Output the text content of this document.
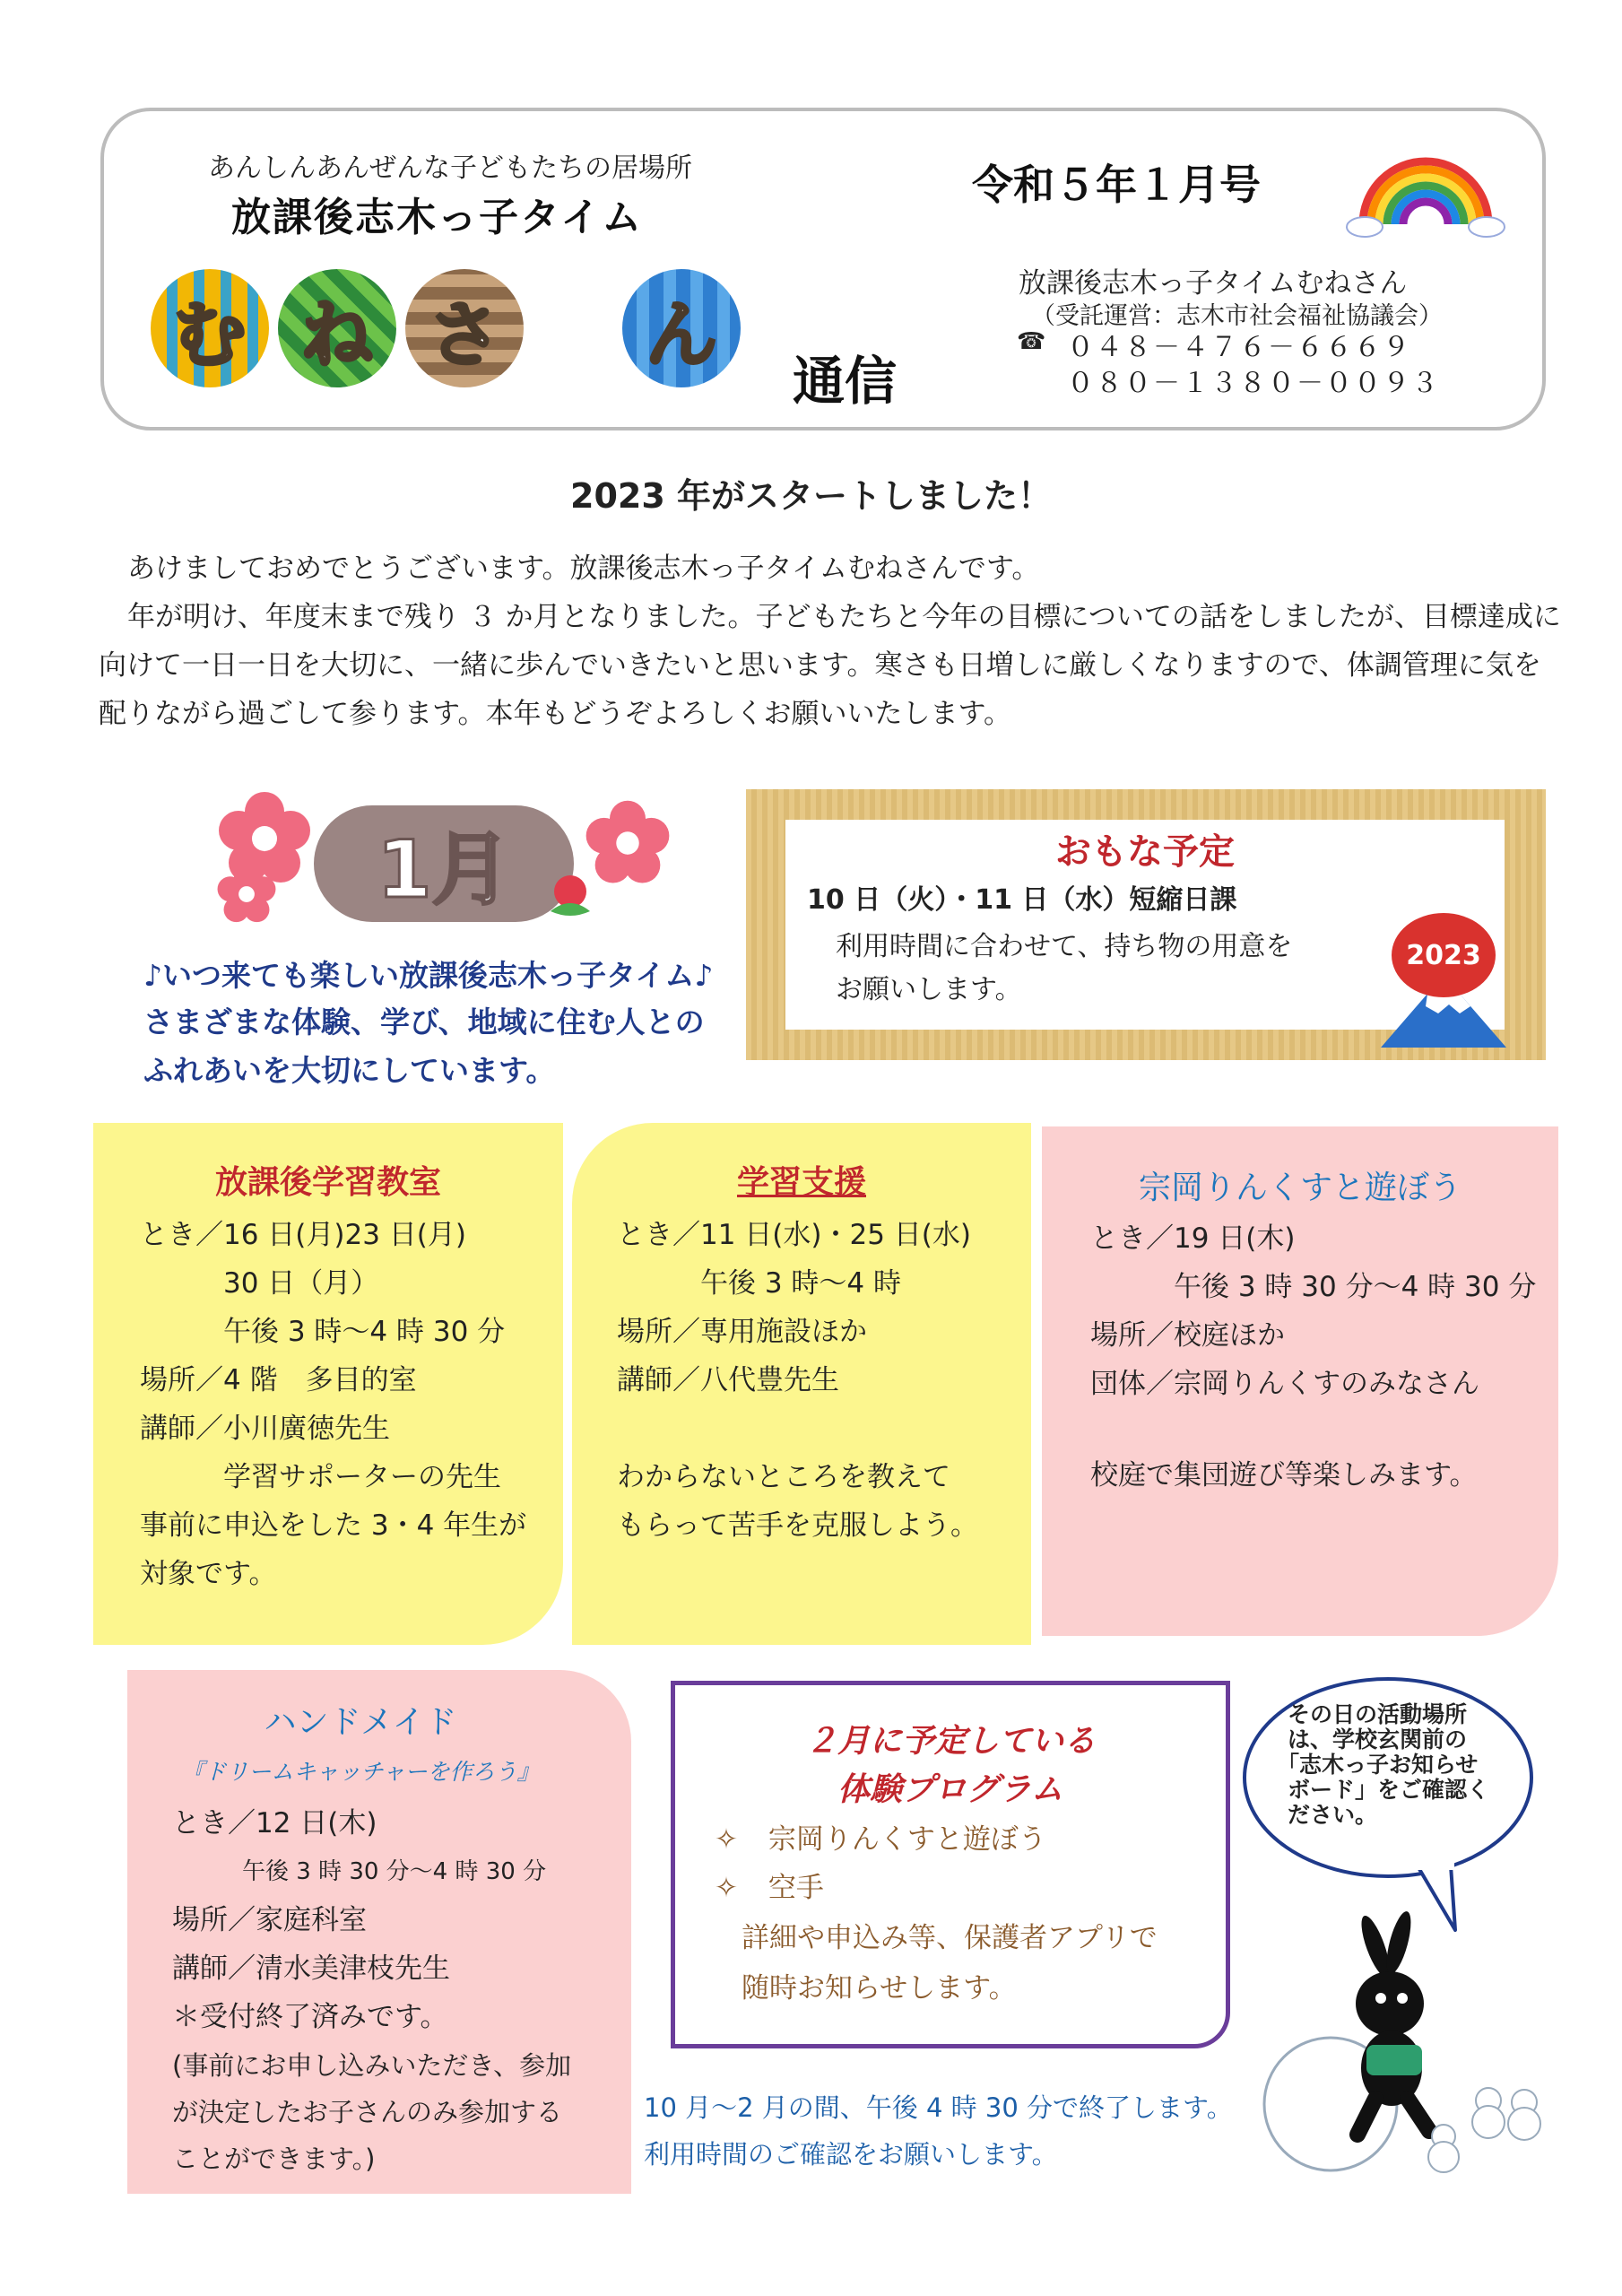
あんしんあんぜんな子どもたちの居場所
放課後志木っ子タイム
む ね さ ん
通信
令和５年１月号
放課後志木っ子タイムむねさん
（受託運営：志木市社会福祉協議会）
☎ ０４８－４７６－６６６９
０８０－１３８０－００９３
2023 年がスタートしました！
あけましておめでとうございます。放課後志木っ子タイムむねさんです。
年が明け、年度末まで残り ３ か月となりました。子どもたちと今年の目標についての話をしましたが、目標達成に
向けて一日一日を大切に、一緒に歩んでいきたいと思います。寒さも日増しに厳しくなりますので、体調管理に気を
配りながら過ごして参ります。本年もどうぞよろしくお願いいたします。
1月
♪いつ来ても楽しい放課後志木っ子タイム♪
さまざまな体験、学び、地域に住む人との
ふれあいを大切にしています。
おもな予定
10 日（火）・11 日（水）短縮日課
利用時間に合わせて、持ち物の用意を
お願いします。
2023
放課後学習教室
とき／16 日(月)23 日(月)
　　　30 日（月）
　　　午後 3 時～4 時 30 分
場所／4 階　多目的室
講師／小川廣徳先生
　　　学習サポーターの先生
事前に申込をした 3・4 年生が
対象です。
学習支援
とき／11 日(水)・25 日(水)
　　　午後 3 時～4 時
場所／専用施設ほか
講師／八代豊先生
わからないところを教えて
もらって苦手を克服しよう。
宗岡りんくすと遊ぼう
とき／19 日(木)
　　　午後 3 時 30 分～4 時 30 分
場所／校庭ほか
団体／宗岡りんくすのみなさん
校庭で集団遊び等楽しみます。
ハンドメイド
『ドリームキャッチャーを作ろう』
とき／12 日(木)
　　　午後 3 時 30 分～4 時 30 分
場所／家庭科室
講師／清水美津枝先生
＊受付終了済みです。
(事前にお申し込みいただき、参加
が決定したお子さんのみ参加する
ことができます。)
２月に予定している
体験プログラム
✧ 宗岡りんくすと遊ぼう
✧ 空手
詳細や申込み等、保護者アプリで
随時お知らせします。
10 月～2 月の間、午後 4 時 30 分で終了します。
利用時間のご確認をお願いします。
その日の活動場所
は、学校玄関前の
「志木っ子お知らせ
ボード」をご確認く
ださい。
